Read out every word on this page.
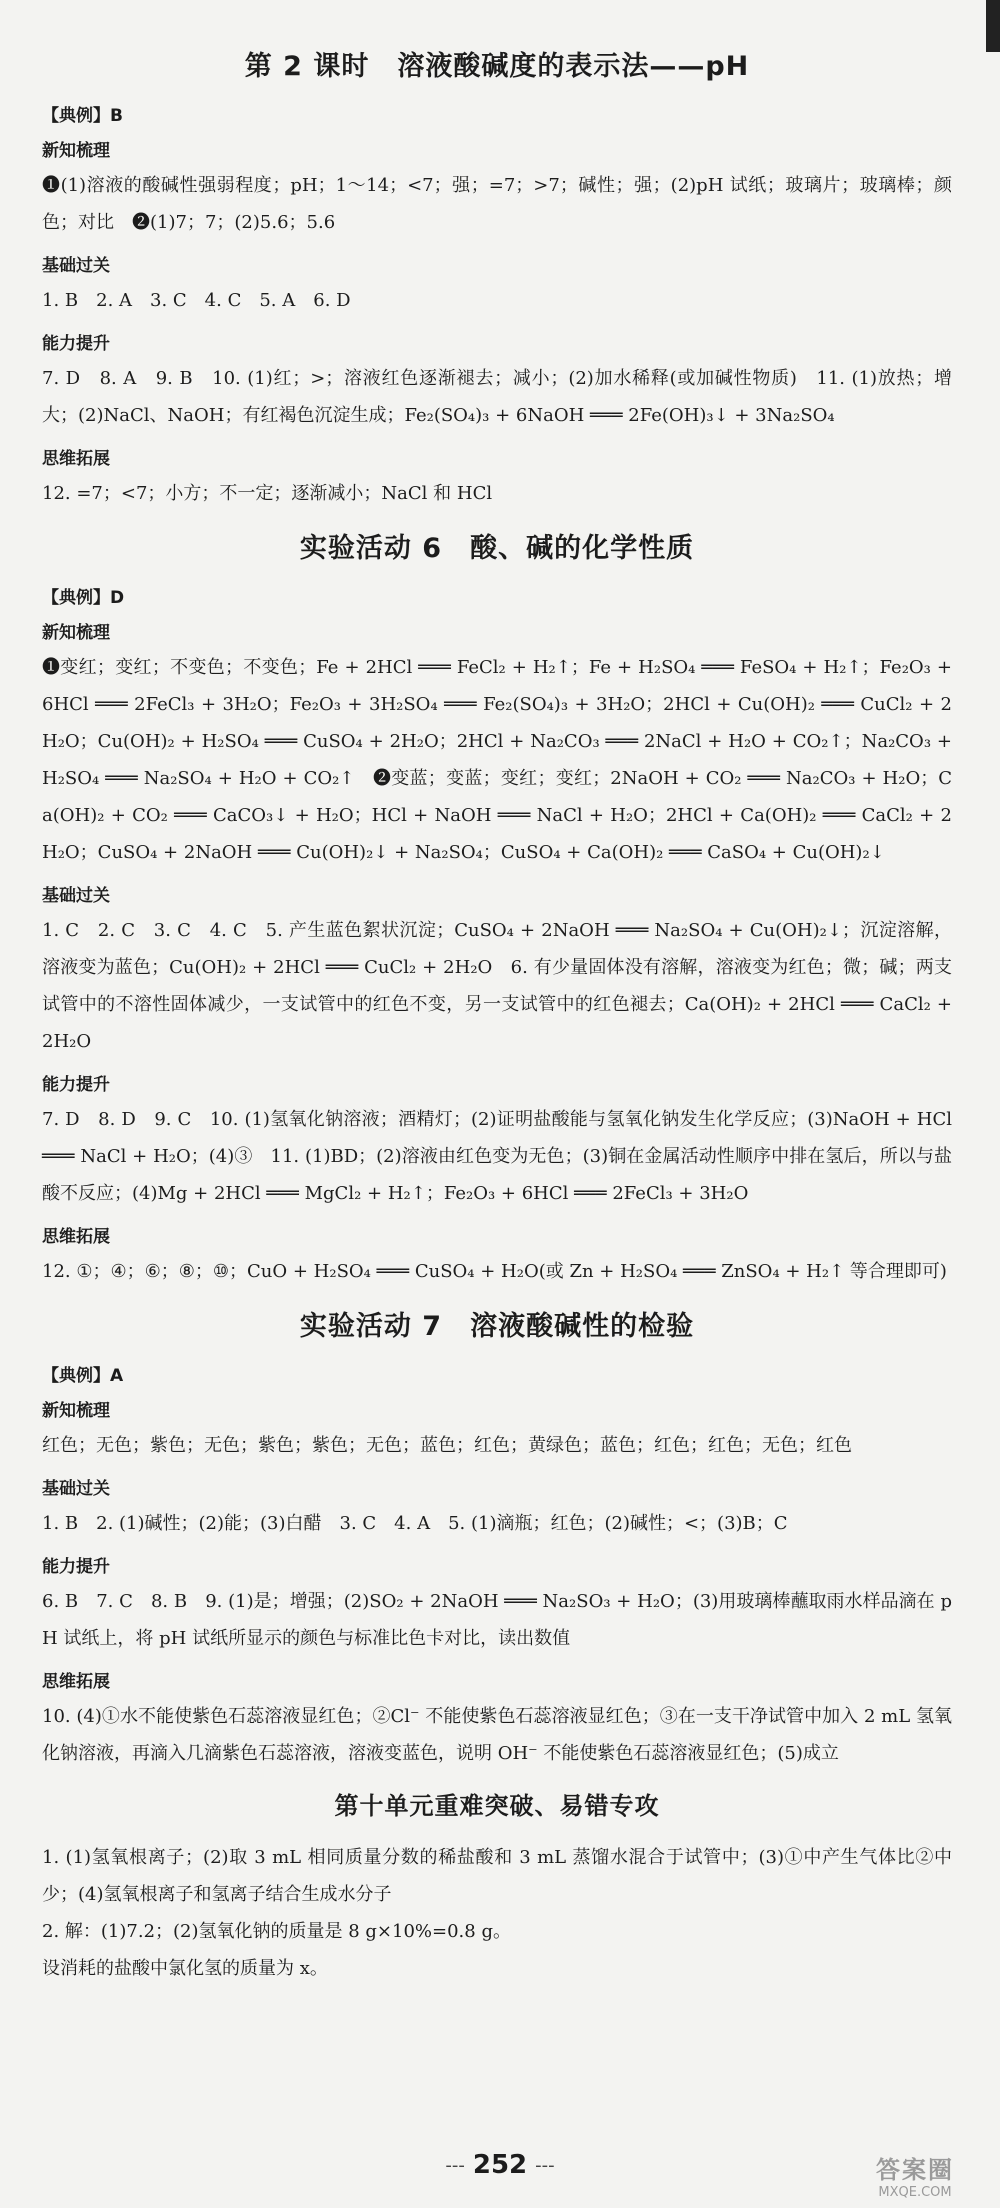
第 2 课时　溶液酸碱度的表示法——pH
【典例】B
新知梳理
❶(1)溶液的酸碱性强弱程度；pH；1～14；<7；强；=7；>7；碱性；强；(2)pH 试纸；玻璃片；玻璃棒；颜色；对比　❷(1)7；7；(2)5.6；5.6
基础过关
1. B　2. A　3. C　4. C　5. A　6. D
能力提升
7. D　8. A　9. B　10. (1)红；>；溶液红色逐渐褪去；减小；(2)加水稀释(或加碱性物质)　11. (1)放热；增大；(2)NaCl、NaOH；有红褐色沉淀生成；Fe₂(SO₄)₃ + 6NaOH ═══ 2Fe(OH)₃↓ + 3Na₂SO₄
思维拓展
12. =7；<7；小方；不一定；逐渐减小；NaCl 和 HCl
实验活动 6　酸、碱的化学性质
【典例】D
新知梳理
❶变红；变红；不变色；不变色；Fe + 2HCl ═══ FeCl₂ + H₂↑；Fe + H₂SO₄ ═══ FeSO₄ + H₂↑；Fe₂O₃ + 6HCl ═══ 2FeCl₃ + 3H₂O；Fe₂O₃ + 3H₂SO₄ ═══ Fe₂(SO₄)₃ + 3H₂O；2HCl + Cu(OH)₂ ═══ CuCl₂ + 2H₂O；Cu(OH)₂ + H₂SO₄ ═══ CuSO₄ + 2H₂O；2HCl + Na₂CO₃ ═══ 2NaCl + H₂O + CO₂↑；Na₂CO₃ + H₂SO₄ ═══ Na₂SO₄ + H₂O + CO₂↑　❷变蓝；变蓝；变红；变红；2NaOH + CO₂ ═══ Na₂CO₃ + H₂O；Ca(OH)₂ + CO₂ ═══ CaCO₃↓ + H₂O；HCl + NaOH ═══ NaCl + H₂O；2HCl + Ca(OH)₂ ═══ CaCl₂ + 2H₂O；CuSO₄ + 2NaOH ═══ Cu(OH)₂↓ + Na₂SO₄；CuSO₄ + Ca(OH)₂ ═══ CaSO₄ + Cu(OH)₂↓
基础过关
1. C　2. C　3. C　4. C　5. 产生蓝色絮状沉淀；CuSO₄ + 2NaOH ═══ Na₂SO₄ + Cu(OH)₂↓；沉淀溶解，溶液变为蓝色；Cu(OH)₂ + 2HCl ═══ CuCl₂ + 2H₂O　6. 有少量固体没有溶解，溶液变为红色；微；碱；两支试管中的不溶性固体减少，一支试管中的红色不变，另一支试管中的红色褪去；Ca(OH)₂ + 2HCl ═══ CaCl₂ + 2H₂O
能力提升
7. D　8. D　9. C　10. (1)氢氧化钠溶液；酒精灯；(2)证明盐酸能与氢氧化钠发生化学反应；(3)NaOH + HCl ═══ NaCl + H₂O；(4)③　11. (1)BD；(2)溶液由红色变为无色；(3)铜在金属活动性顺序中排在氢后，所以与盐酸不反应；(4)Mg + 2HCl ═══ MgCl₂ + H₂↑；Fe₂O₃ + 6HCl ═══ 2FeCl₃ + 3H₂O
思维拓展
12. ①；④；⑥；⑧；⑩；CuO + H₂SO₄ ═══ CuSO₄ + H₂O(或 Zn + H₂SO₄ ═══ ZnSO₄ + H₂↑ 等合理即可)
实验活动 7　溶液酸碱性的检验
【典例】A
新知梳理
红色；无色；紫色；无色；紫色；紫色；无色；蓝色；红色；黄绿色；蓝色；红色；红色；无色；红色
基础过关
1. B　2. (1)碱性；(2)能；(3)白醋　3. C　4. A　5. (1)滴瓶；红色；(2)碱性；<；(3)B；C
能力提升
6. B　7. C　8. B　9. (1)是；增强；(2)SO₂ + 2NaOH ═══ Na₂SO₃ + H₂O；(3)用玻璃棒蘸取雨水样品滴在 pH 试纸上，将 pH 试纸所显示的颜色与标准比色卡对比，读出数值
思维拓展
10. (4)①水不能使紫色石蕊溶液显红色；②Cl⁻ 不能使紫色石蕊溶液显红色；③在一支干净试管中加入 2 mL 氢氧化钠溶液，再滴入几滴紫色石蕊溶液，溶液变蓝色，说明 OH⁻ 不能使紫色石蕊溶液显红色；(5)成立
第十单元重难突破、易错专攻
1. (1)氢氧根离子；(2)取 3 mL 相同质量分数的稀盐酸和 3 mL 蒸馏水混合于试管中；(3)①中产生气体比②中少；(4)氢氧根离子和氢离子结合生成水分子
2. 解：(1)7.2；(2)氢氧化钠的质量是 8 g×10%=0.8 g。
设消耗的盐酸中氯化氢的质量为 x。
--- 252 ---	答案圈
MXQE.COM
